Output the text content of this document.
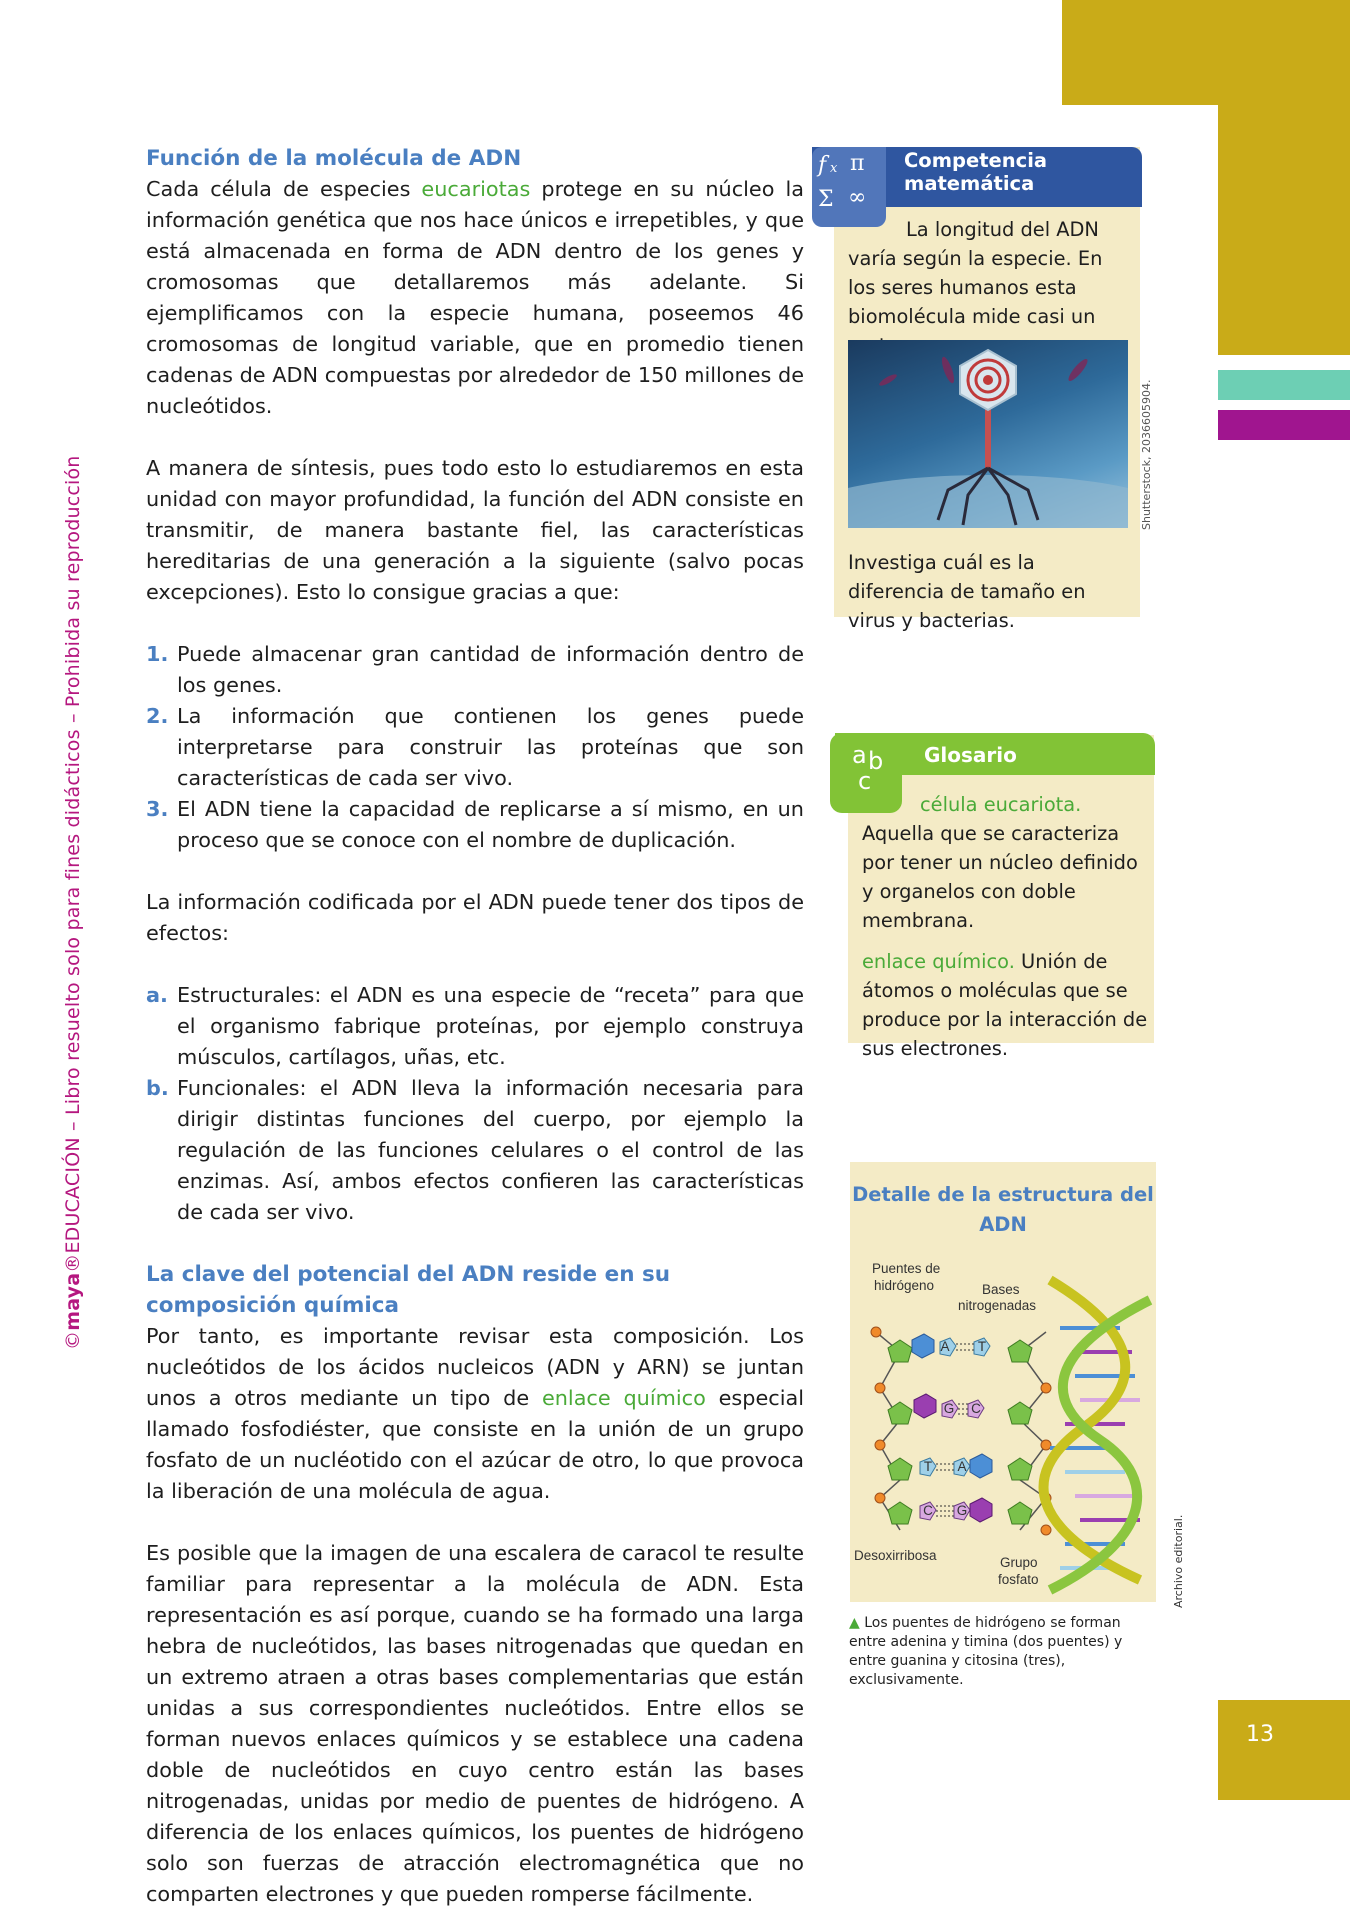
13
©maya®EDUCACIÓN – Libro resuelto solo para fines didácticos – Prohibida su reproducción
Función de la molécula de ADN

Cada célula de especies eucariotas protege en su núcleo la información genética que nos hace únicos e irrepetibles, y que está almacenada en forma de ADN dentro de los genes y cromosomas que detallaremos más adelante. Si ejemplificamos con la especie humana, poseemos 46 cromosomas de longitud variable, que en promedio tienen cadenas de ADN compuestas por alrededor de 150 millones de nucleótidos.

A manera de síntesis, pues todo esto lo estudiaremos en esta unidad con mayor profundidad, la función del ADN consiste en transmitir, de manera bastante fiel, las características hereditarias de una generación a la siguiente (salvo pocas excepciones). Esto lo consigue gracias a que:

1. Puede almacenar gran cantidad de información dentro de los genes.
2. La información que contienen los genes puede interpretarse para construir las proteínas que son características de cada ser vivo.
3. El ADN tiene la capacidad de replicarse a sí mismo, en un proceso que se conoce con el nombre de duplicación.

La información codificada por el ADN puede tener dos tipos de efectos:

a. Estructurales: el ADN es una especie de “receta” para que el organismo fabrique proteínas, por ejemplo construya músculos, cartílagos, uñas, etc.
b. Funcionales: el ADN lleva la información necesaria para dirigir distintas funciones del cuerpo, por ejemplo la regulación de las funciones celulares o el control de las enzimas. Así, ambos efectos confieren las características de cada ser vivo.
La clave del potencial del ADN reside en su composición química

Por tanto, es importante revisar esta composición. Los nucleótidos de los ácidos nucleicos (ADN y ARN) se juntan unos a otros mediante un tipo de enlace químico especial llamado fosfodiéster, que consiste en la unión de un grupo fosfato de un nucléotido con el azúcar de otro, lo que provoca la liberación de una molécula de agua.

Es posible que la imagen de una escalera de caracol te resulte familiar para representar a la molécula de ADN. Esta representación es así porque, cuando se ha formado una larga hebra de nucleótidos, las bases nitrogenadas que quedan en un extremo atraen a otras bases complementarias que están unidas a sus correspondientes nucleótidos. Entre ellos se forman nuevos enlaces químicos y se establece una cadena doble de nucleótidos en cuyo centro están las bases nitrogenadas, unidas por medio de puentes de hidrógeno. A diferencia de los enlaces químicos, los puentes de hidrógeno solo son fuerzas de atracción electromagnética que no comparten electrones y que pueden romperse fácilmente.

f x π
Σ ∞
Competencia
matemática
La longitud del ADN varía según la especie. En los seres humanos esta biomolécula mide casi un
Shutterstock, 2036605904.
Investiga cuál es la diferencia de tamaño en virus y bacterias.
a b
c
Glosario

célula eucariota. Aquella que se caracteriza por tener un núcleo definido y organelos con doble membrana.

enlace químico. Unión de átomos o moléculas que se produce por la interacción de sus electrones.

Detalle de la estructura del ADN
Puentes de
hidrógeno	Bases
nitrogenadas
Desoxirribosa	Grupo
fosfato
A T
G C
T A
C G
Archivo editorial.
▲ Los puentes de hidrógeno se forman entre adenina y timina (dos puentes) y entre guanina y citosina (tres), exclusivamente.
